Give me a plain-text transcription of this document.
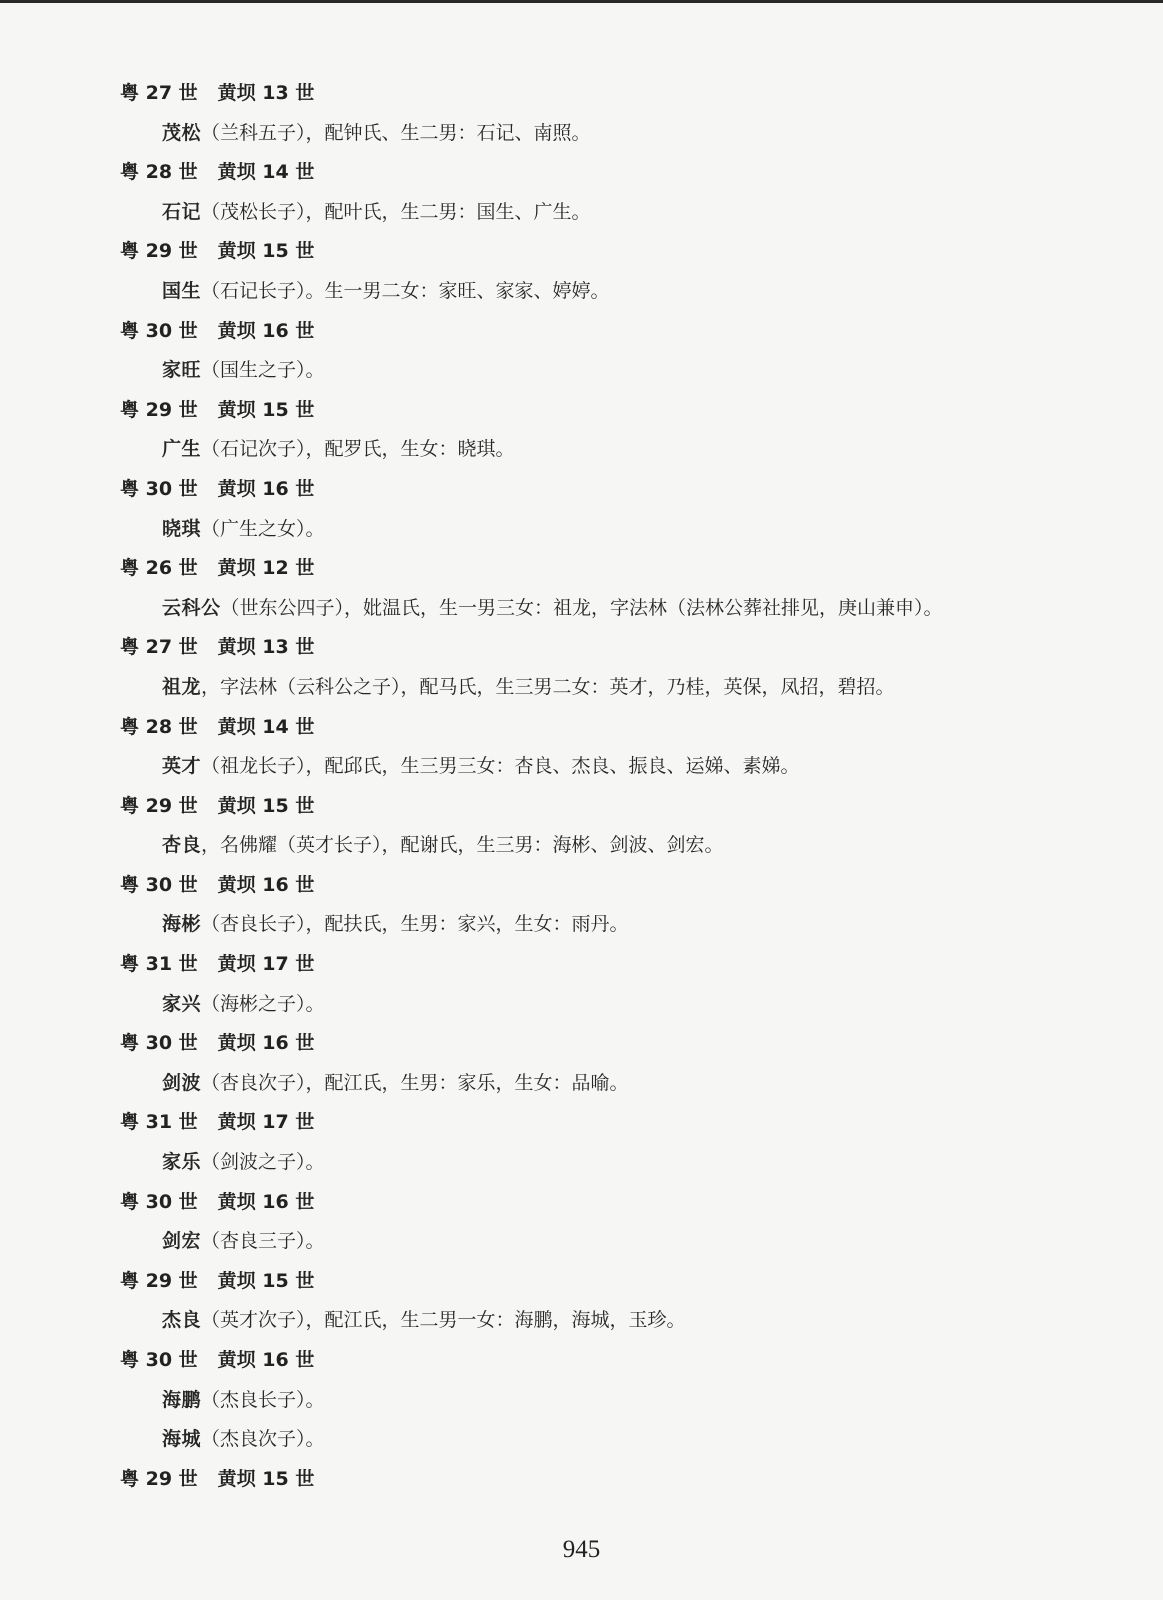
粤 27 世 黄坝 13 世
茂松（兰科五子），配钟氏、生二男：石记、南照。
粤 28 世 黄坝 14 世
石记（茂松长子），配叶氏，生二男：国生、广生。
粤 29 世 黄坝 15 世
国生（石记长子）。生一男二女：家旺、家家、婷婷。
粤 30 世 黄坝 16 世
家旺（国生之子）。
粤 29 世 黄坝 15 世
广生（石记次子），配罗氏，生女：晓琪。
粤 30 世 黄坝 16 世
晓琪（广生之女）。
粤 26 世 黄坝 12 世
云科公（世东公四子），妣温氏，生一男三女：祖龙，字法林（法林公葬社排见，庚山兼申）。
粤 27 世 黄坝 13 世
祖龙，字法林（云科公之子），配马氏，生三男二女：英才，乃桂，英保，凤招，碧招。
粤 28 世 黄坝 14 世
英才（祖龙长子），配邱氏，生三男三女：杏良、杰良、振良、运娣、素娣。
粤 29 世 黄坝 15 世
杏良，名佛耀（英才长子），配谢氏，生三男：海彬、剑波、剑宏。
粤 30 世 黄坝 16 世
海彬（杏良长子），配扶氏，生男：家兴，生女：雨丹。
粤 31 世 黄坝 17 世
家兴（海彬之子）。
粤 30 世 黄坝 16 世
剑波（杏良次子），配江氏，生男：家乐，生女：品喻。
粤 31 世 黄坝 17 世
家乐（剑波之子）。
粤 30 世 黄坝 16 世
剑宏（杏良三子）。
粤 29 世 黄坝 15 世
杰良（英才次子），配江氏，生二男一女：海鹏，海城，玉珍。
粤 30 世 黄坝 16 世
海鹏（杰良长子）。
海城（杰良次子）。
粤 29 世 黄坝 15 世
945
